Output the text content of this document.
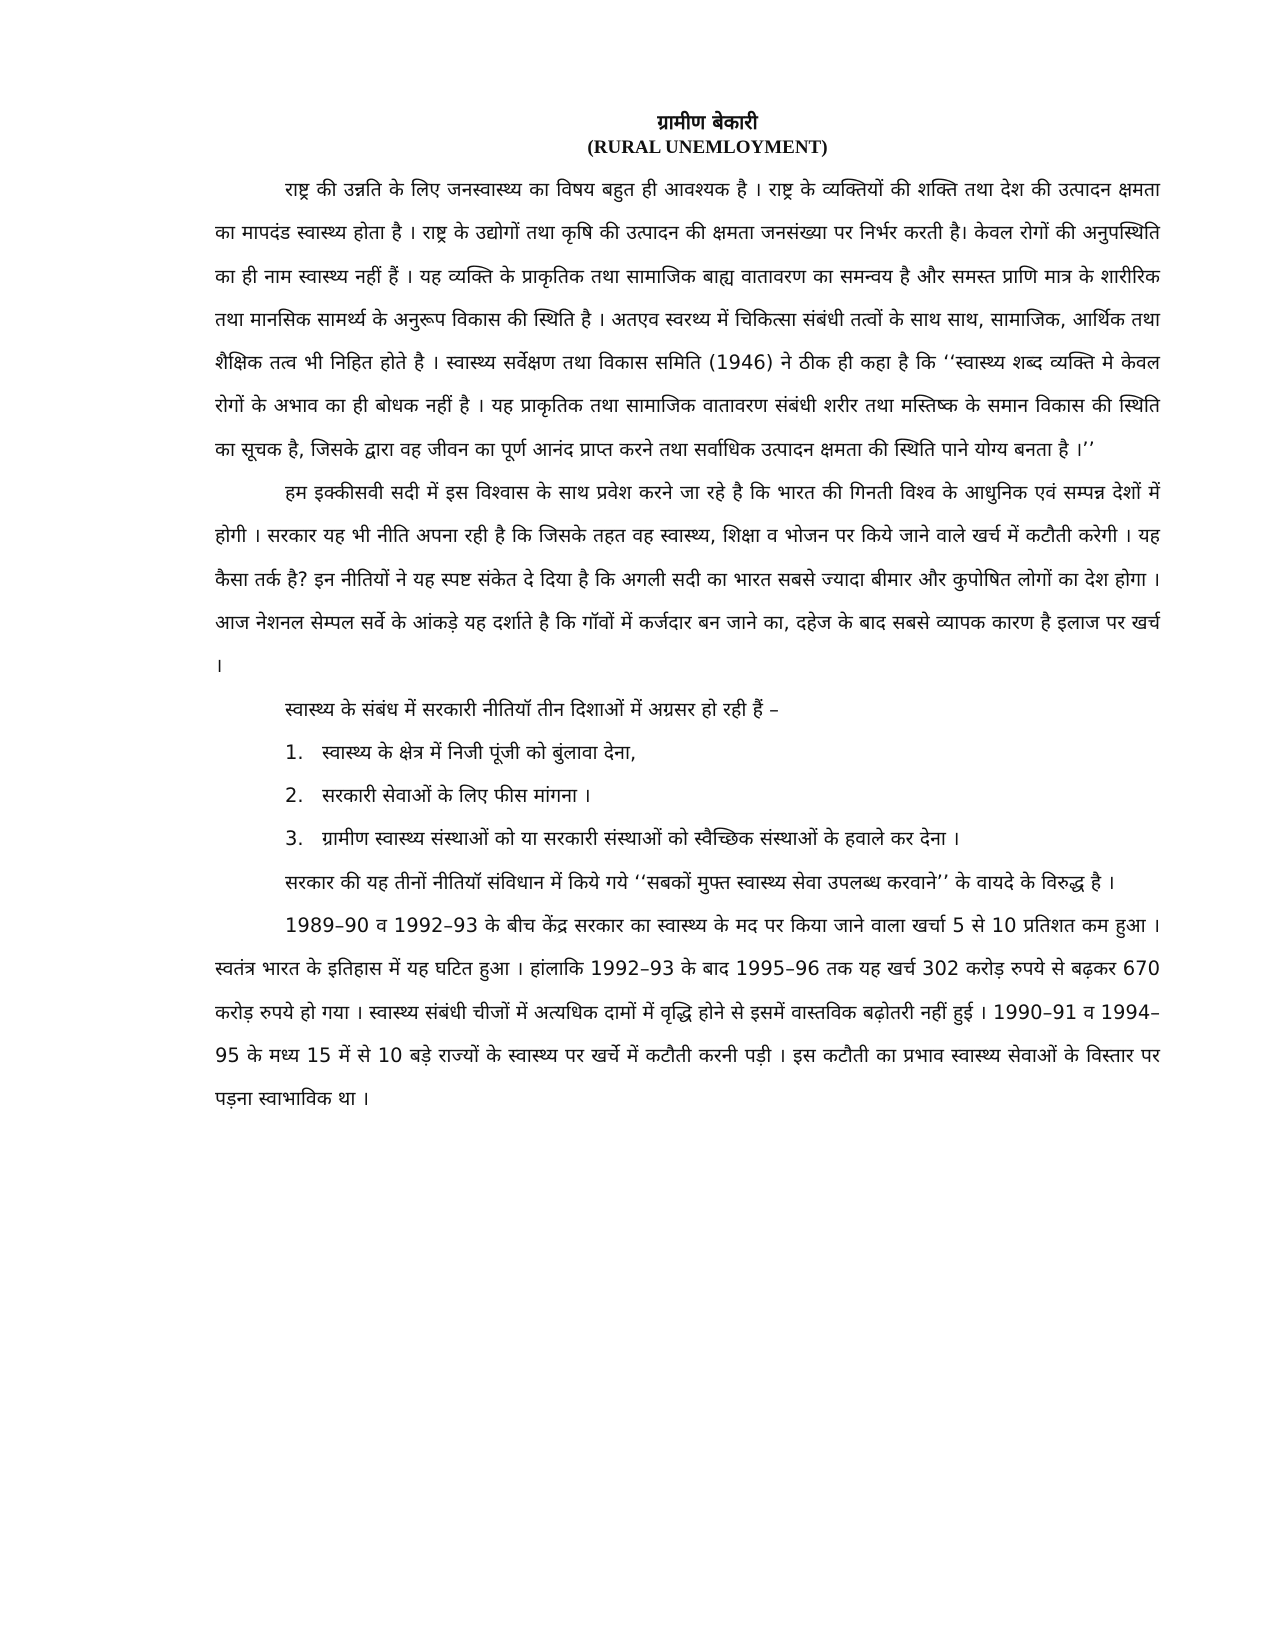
ग्रामीण बेकारी
(RURAL UNEMLOYMENT)

राष्ट्र की उन्नति के लिए जनस्वास्थ्य का विषय बहुत ही आवश्यक है । राष्ट्र के व्यक्तियों की शक्ति तथा देश की उत्पादन क्षमता का मापदंड स्वास्थ्य होता है । राष्ट्र के उद्योगों तथा कृषि की उत्पादन की क्षमता जनसंख्या पर निर्भर करती है। केवल रोगों की अनुपस्थिति का ही नाम स्वास्थ्य नहीं हैं । यह व्यक्ति के प्राकृतिक तथा सामाजिक बाह्य वातावरण का समन्वय है और समस्त प्राणि मात्र के शारीरिक तथा मानसिक सामर्थ्य के अनुरूप विकास की स्थिति है । अतएव स्वरथ्य में चिकित्सा संबंधी तत्वों के साथ साथ, सामाजिक, आर्थिक तथा शैक्षिक तत्व भी निहित होते है । स्वास्थ्य सर्वेक्षण तथा विकास समिति (1946) ने ठीक ही कहा है कि ‘‘स्वास्थ्य शब्द व्यक्ति मे केवल रोगों के अभाव का ही बोधक नहीं है । यह प्राकृतिक तथा सामाजिक वातावरण संबंधी शरीर तथा मस्तिष्क के समान विकास की स्थिति का सूचक है, जिसके द्वारा वह जीवन का पूर्ण आनंद प्राप्त करने तथा सर्वाधिक उत्पादन क्षमता की स्थिति पाने योग्य बनता है ।’’

हम इक्कीसवी सदी में इस विश्वास के साथ प्रवेश करने जा रहे है कि भारत की गिनती विश्व के आधुनिक एवं सम्पन्न देशों में होगी । सरकार यह भी नीति अपना रही है कि जिसके तहत वह स्वास्थ्य, शिक्षा व भोजन पर किये जाने वाले खर्च में कटौती करेगी । यह कैसा तर्क है? इन नीतियों ने यह स्पष्ट संकेत दे दिया है कि अगली सदी का भारत सबसे ज्यादा बीमार और कुपोषित लोगों का देश होगा । आज नेशनल सेम्पल सर्वे के आंकड़े यह दर्शाते है कि गॉवों में कर्जदार बन जाने का, दहेज के बाद सबसे व्यापक कारण है इलाज पर खर्च ।

स्वास्थ्य के संबंध में सरकारी नीतियॉ तीन दिशाओं में अग्रसर हो रही हैं –

1. स्वास्थ्य के क्षेत्र में निजी पूंजी को बुंलावा देना,
2. सरकारी सेवाओं के लिए फीस मांगना ।
3. ग्रामीण स्वास्थ्य संस्थाओं को या सरकारी संस्थाओं को स्वैच्छिक संस्थाओं के हवाले कर देना ।

सरकार की यह तीनों नीतियॉ संविधान में किये गये ‘‘सबकों मुफ्त स्वास्थ्य सेवा उपलब्ध करवाने’’ के वायदे के विरुद्ध है ।

1989–90 व 1992–93 के बीच केंद्र सरकार का स्वास्थ्य के मद पर किया जाने वाला खर्चा 5 से 10 प्रतिशत कम हुआ । स्वतंत्र भारत के इतिहास में यह घटित हुआ । हांलाकि 1992–93 के बाद 1995–96 तक यह खर्च 302 करोड़ रुपये से बढ़कर 670 करोड़ रुपये हो गया । स्वास्थ्य संबंधी चीजों में अत्यधिक दामों में वृद्धि होने से इसमें वास्तविक बढ़ोतरी नहीं हुई । 1990–91 व 1994–95 के मध्य 15 में से 10 बड़े राज्यों के स्वास्थ्य पर खर्चे में कटौती करनी पड़ी । इस कटौती का प्रभाव स्वास्थ्य सेवाओं के विस्तार पर पड़ना स्वाभाविक था ।
